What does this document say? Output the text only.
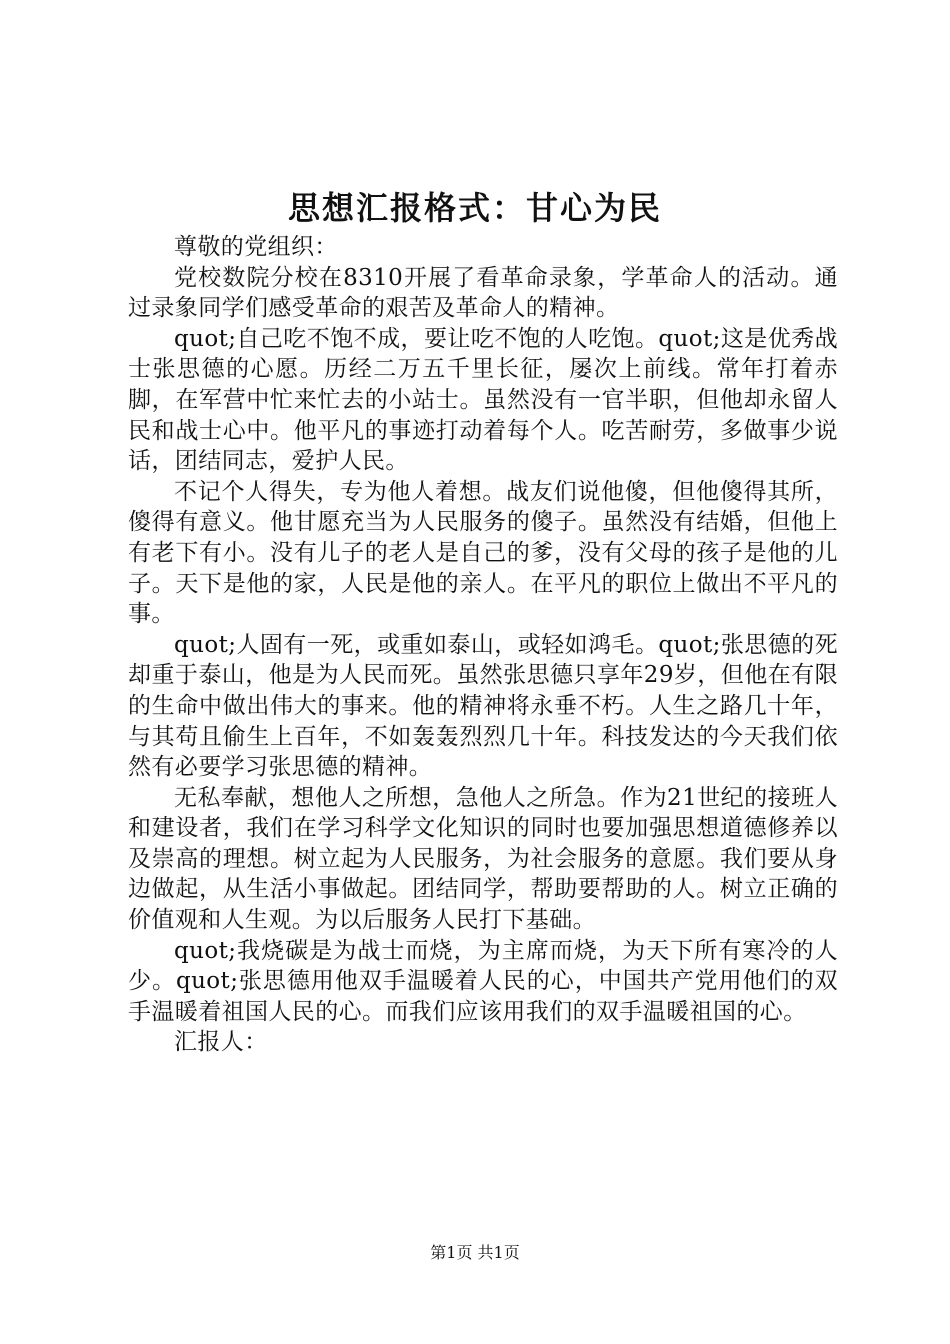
思想汇报格式：甘心为民

尊敬的党组织：

党校数院分校在8310开展了看革命录象，学革命人的活动。通过录象同学们感受革命的艰苦及革命人的精神。

quot;自己吃不饱不成，要让吃不饱的人吃饱。quot;这是优秀战士张思德的心愿。历经二万五千里长征，屡次上前线。常年打着赤脚，在军营中忙来忙去的小站士。虽然没有一官半职，但他却永留人民和战士心中。他平凡的事迹打动着每个人。吃苦耐劳，多做事少说话，团结同志，爱护人民。

不记个人得失，专为他人着想。战友们说他傻，但他傻得其所，傻得有意义。他甘愿充当为人民服务的傻子。虽然没有结婚，但他上有老下有小。没有儿子的老人是自己的爹，没有父母的孩子是他的儿子。天下是他的家，人民是他的亲人。在平凡的职位上做出不平凡的事。

quot;人固有一死，或重如泰山，或轻如鸿毛。quot;张思德的死却重于泰山，他是为人民而死。虽然张思德只享年29岁，但他在有限的生命中做出伟大的事来。他的精神将永垂不朽。人生之路几十年，与其苟且偷生上百年，不如轰轰烈烈几十年。科技发达的今天我们依然有必要学习张思德的精神。

无私奉献，想他人之所想，急他人之所急。作为21世纪的接班人和建设者，我们在学习科学文化知识的同时也要加强思想道德修养以及崇高的理想。树立起为人民服务，为社会服务的意愿。我们要从身边做起，从生活小事做起。团结同学，帮助要帮助的人。树立正确的价值观和人生观。为以后服务人民打下基础。

quot;我烧碳是为战士而烧，为主席而烧，为天下所有寒冷的人少。quot;张思德用他双手温暖着人民的心，中国共产党用他们的双手温暖着祖国人民的心。而我们应该用我们的双手温暖祖国的心。

汇报人：

第1页 共1页
